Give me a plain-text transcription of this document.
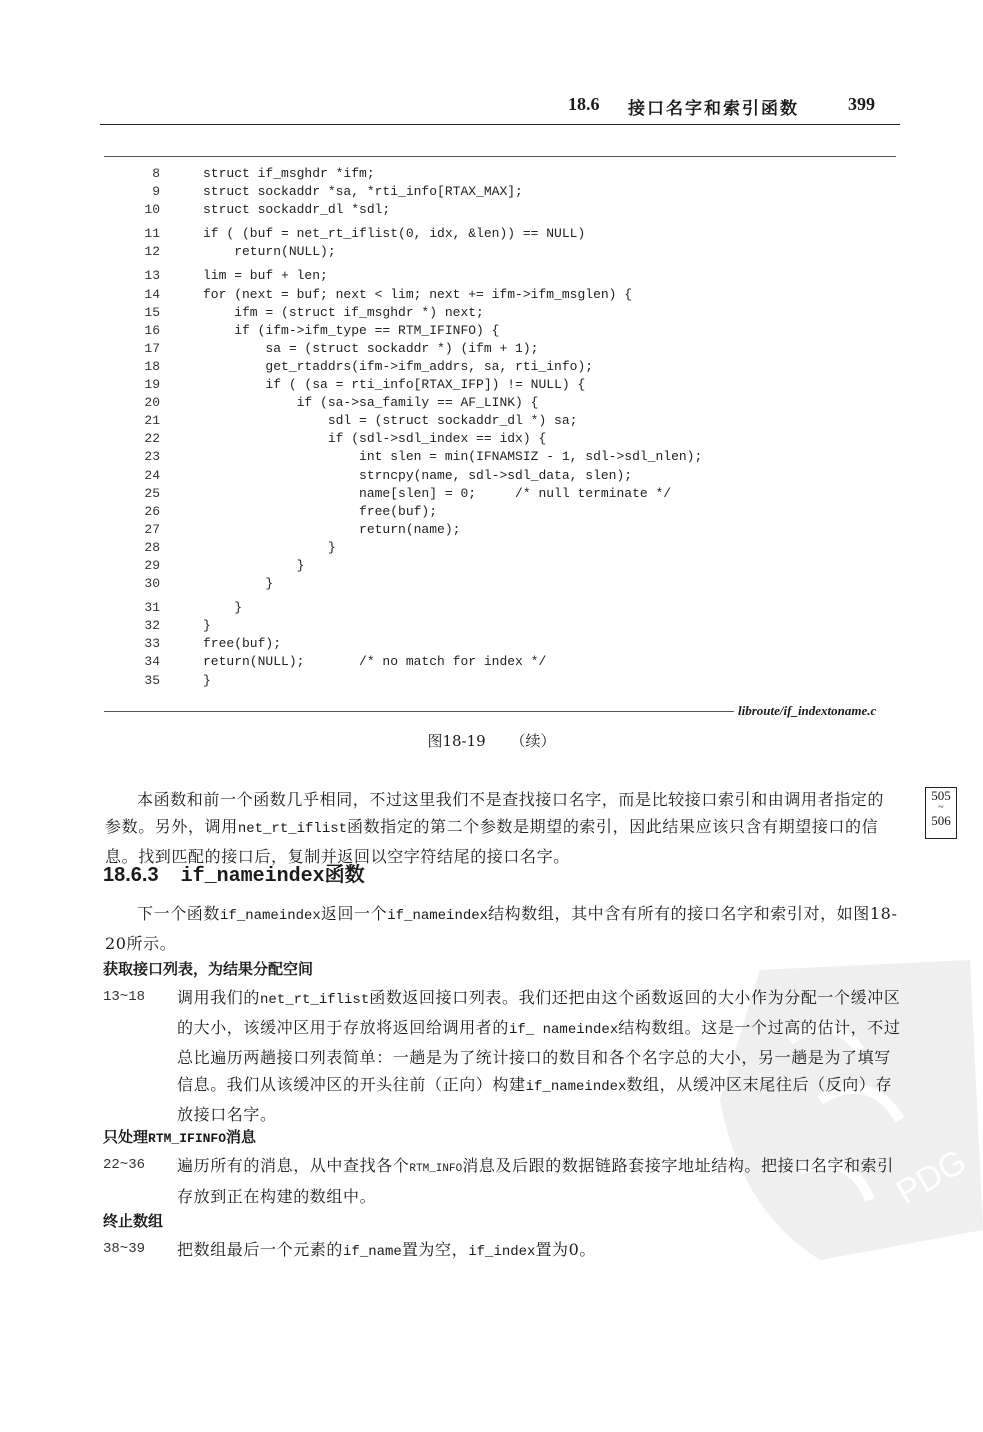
PDG
18.6 接口名字和索引函数	399
8	struct if_msghdr *ifm;
9	struct sockaddr *sa, *rti_info[RTAX_MAX];
10	struct sockaddr_dl *sdl;
11	if ( (buf = net_rt_iflist(0, idx, &len)) == NULL)
12	return(NULL);
13	lim = buf + len;
14	for (next = buf; next < lim; next += ifm->ifm_msglen) {
15	ifm = (struct if_msghdr *) next;
16	if (ifm->ifm_type == RTM_IFINFO) {
17	sa = (struct sockaddr *) (ifm + 1);
18	get_rtaddrs(ifm->ifm_addrs, sa, rti_info);
19	if ( (sa = rti_info[RTAX_IFP]) != NULL) {
20	if (sa->sa_family == AF_LINK) {
21	sdl = (struct sockaddr_dl *) sa;
22	if (sdl->sdl_index == idx) {
23	int slen = min(IFNAMSIZ - 1, sdl->sdl_nlen);
24	strncpy(name, sdl->sdl_data, slen);
25	name[slen] = 0;     /* null terminate */
26	free(buf);
27	return(name);
28	}
29	}
30	}
31	}
32	}
33	free(buf);
34	return(NULL);       /* no match for index */
35	}
libroute/if_indextoname.c
图18-19 （续）
本函数和前一个函数几乎相同，不过这里我们不是查找接口名字，而是比较接口索引和由调用者指定的参数。另外，调用net_rt_iflist函数指定的第二个参数是期望的索引，因此结果应该只含有期望接口的信息。找到匹配的接口后，复制并返回以空字符结尾的接口名字。
505
~
506
18.6.3 if_nameindex函数
下一个函数if_nameindex返回一个if_nameindex结构数组，其中含有所有的接口名字和索引对，如图18-20所示。
获取接口列表，为结果分配空间
13~18 调用我们的net_rt_iflist函数返回接口列表。我们还把由这个函数返回的大小作为分配一个缓冲区的大小，该缓冲区用于存放将返回给调用者的if_ nameindex结构数组。这是一个过高的估计，不过总比遍历两趟接口列表简单：一趟是为了统计接口的数目和各个名字总的大小，另一趟是为了填写信息。我们从该缓冲区的开头往前（正向）构建if_nameindex数组，从缓冲区末尾往后（反向）存放接口名字。
只处理RTM_IFINFO消息
22~36 遍历所有的消息，从中查找各个RTM_INFO消息及后跟的数据链路套接字地址结构。把接口名字和索引存放到正在构建的数组中。
终止数组
38~39 把数组最后一个元素的if_name置为空，if_index置为0。
